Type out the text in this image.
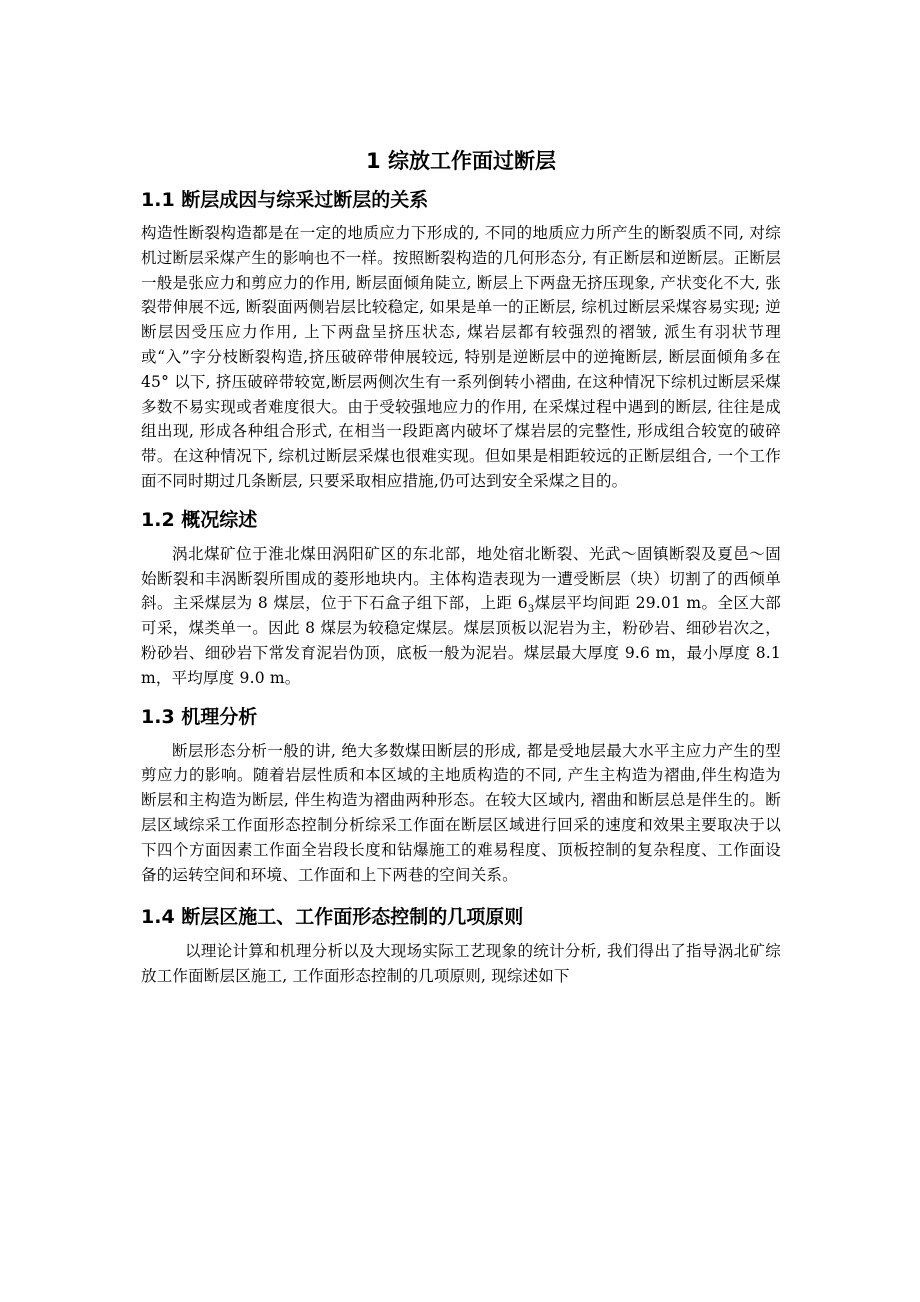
1 综放工作面过断层
1.1 断层成因与综采过断层的关系

构造性断裂构造都是在一定的地质应力下形成的, 不同的地质应力所产生的断裂质不同, 对综机过断层采煤产生的影响也不一样。按照断裂构造的几何形态分, 有正断层和逆断层。正断层一般是张应力和剪应力的作用, 断层面倾角陡立, 断层上下两盘无挤压现象, 产状变化不大, 张裂带伸展不远, 断裂面两侧岩层比较稳定, 如果是单一的正断层, 综机过断层采煤容易实现; 逆断层因受压应力作用, 上下两盘呈挤压状态, 煤岩层都有较强烈的褶皱, 派生有羽状节理或“入”字分枝断裂构造,挤压破碎带伸展较远, 特别是逆断层中的逆掩断层, 断层面倾角多在 45° 以下, 挤压破碎带较宽,断层两侧次生有一系列倒转小褶曲, 在这种情况下综机过断层采煤多数不易实现或者难度很大。由于受较强地应力的作用, 在采煤过程中遇到的断层, 往往是成组出现, 形成各种组合形式, 在相当一段距离内破坏了煤岩层的完整性, 形成组合较宽的破碎带。在这种情况下, 综机过断层采煤也很难实现。但如果是相距较远的正断层组合, 一个工作面不同时期过几条断层, 只要采取相应措施,仍可达到安全采煤之目的。

1.2 概况综述

涡北煤矿位于淮北煤田涡阳矿区的东北部，地处宿北断裂、光武～固镇断裂及夏邑～固始断裂和丰涡断裂所围成的菱形地块内。主体构造表现为一遭受断层（块）切割了的西倾单斜。主采煤层为 8 煤层，位于下石盒子组下部，上距 $6_3$煤层平均间距 29.01 m。全区大部可采，煤类单一。因此 8 煤层为较稳定煤层。煤层顶板以泥岩为主，粉砂岩、细砂岩次之，粉砂岩、细砂岩下常发育泥岩伪顶，底板一般为泥岩。煤层最大厚度 9.6 m，最小厚度 8.1 m，平均厚度 9.0 m。

1.3 机理分析

断层形态分析一般的讲, 绝大多数煤田断层的形成, 都是受地层最大水平主应力产生的型剪应力的影响。随着岩层性质和本区域的主地质构造的不同, 产生主构造为褶曲,伴生构造为断层和主构造为断层, 伴生构造为褶曲两种形态。在较大区域内, 褶曲和断层总是伴生的。断层区域综采工作面形态控制分析综采工作面在断层区域进行回采的速度和效果主要取决于以下四个方面因素工作面全岩段长度和钻爆施工的难易程度、顶板控制的复杂程度、工作面设备的运转空间和环境、工作面和上下两巷的空间关系。

1.4 断层区施工、工作面形态控制的几项原则

以理论计算和机理分析以及大现场实际工艺现象的统计分析, 我们得出了指导涡北矿综放工作面断层区施工, 工作面形态控制的几项原则, 现综述如下
